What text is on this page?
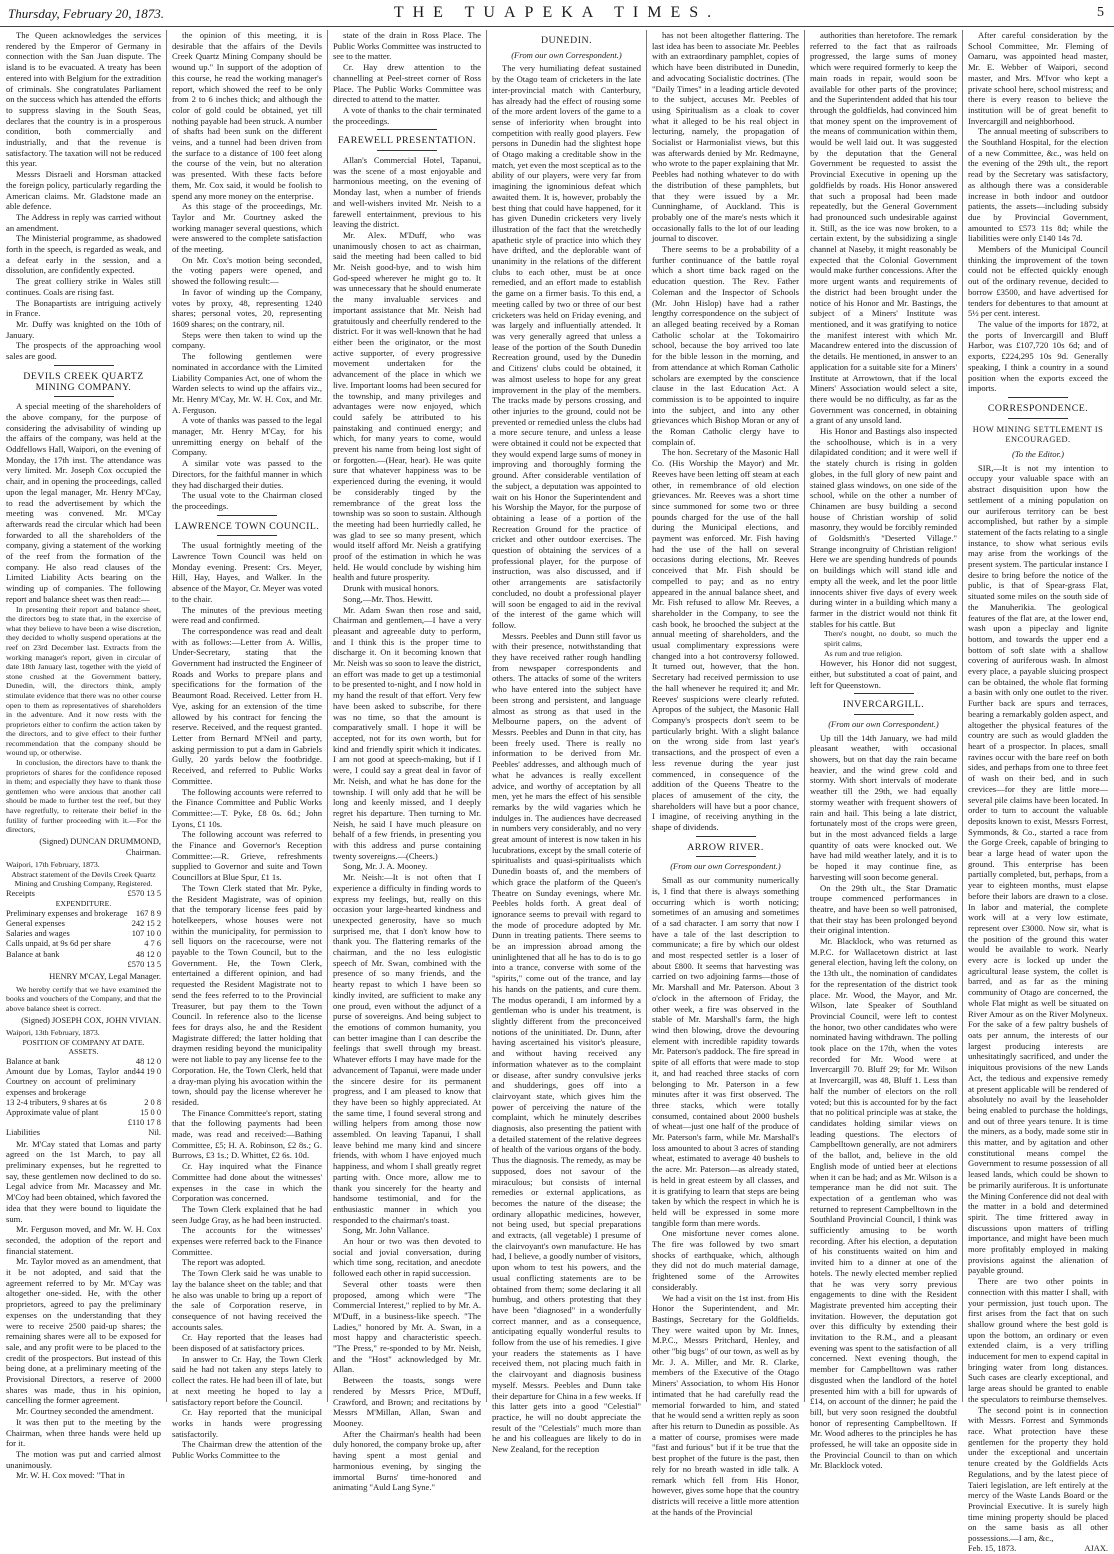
Thursday, February 20, 1873.	THE TUAPEKA TIMES.	5

The Queen acknowledges the services rendered by the Emperor of Germany in connection with the San Juan dispute. The island is to be evacuated. A treaty has been entered into with Belgium for the extradition of criminals. She congratulates Parliament on the success which has attended the efforts to suppress slaving in the South Seas, declares that the country is in a prosperous condition, both commercially and industrially, and that the revenue is satisfactory. The taxation will not be reduced this year.

Messrs Disraeli and Horsman attacked the foreign policy, particularly regarding the American claims. Mr. Gladstone made an able defence.

The Address in reply was carried without an amendment.

The Ministerial programme, as shadowed forth in the speech, is regarded as weak, and a defeat early in the session, and a dissolution, are confidently expected.

The great colliery strike in Wales still continues. Coals are rising fast.

The Bonapartists are intriguing actively in France.

Mr. Duffy was knighted on the 10th of January.

The prospects of the approaching wool sales are good.

DEVILS CREEK QUARTZ MINING COMPANY.

A special meeting of the shareholders of the above company, for the purpose of considering the advisability of winding up the affairs of the company, was held at the Oddfellows Hall, Waipori, on the evening of Monday, the 17th inst. The attendance was very limited. Mr. Joseph Cox occupied the chair, and in opening the proceedings, called upon the legal manager, Mr. Henry M'Cay, to read the advertisement by which the meeting was convened. Mr. M'Cay afterwards read the circular which had been forwarded to all the shareholders of the company, giving a statement of the working of the reef from the formation of the company. He also read clauses of the Limited Liability Acts bearing on the winding up of companies. The following report and balance sheet was then read:—

In presenting their report and balance sheet, the directors beg to state that, in the exercise of what they believe to have been a wise discretion, they decided to wholly suspend operations at the reef on 23rd December last. Extracts from the working manager's report, given in circular of date 18th January last, together with the yield of stone crushed at the Government battery, Dunedin, will, the directors think, amply stimulate evidence that there was no other course open to them as representatives of shareholders in the adventure. And it now rests with the proprietors either to confirm the action taken by the directors, and to give effect to their further recommendation that the company should be wound up, or otherwise.

In conclusion, the directors have to thank the proprietors of shares for the confidence reposed in them; and especially they have to thank those gentlemen who were anxious that another call should be made to further test the reef, but they have regretfully, to reiterate their belief in the futility of further proceeding with it.—For the directors,

(Signed) DUNCAN DRUMMOND, Chairman.
Waipori, 17th February, 1873.
Abstract statement of the Devils Creek Quartz Mining and Crushing Company, Registered.
Receipts	£570 13 5
EXPENDITURE.
Preliminary expenses and brokerage 167 8 9
General expenses	242 15 2
Salaries and wages	107 10 0
Calls unpaid, at 9s 6d per share	4 7 6
Balance at bank	48 12 0
£570 13 5
HENRY M'CAY, Legal Manager.

We hereby certify that we have examined the books and vouchers of the Company, and that the above balance sheet is correct.

(Signed) JOSEPH COX, JOHN VIVIAN.
Waipori, 13th February, 1873.
POSITION OF COMPANY AT DATE.
ASSETS.
Balance at bank	48 12 0
Amount due by Lomas, Taylor and Courtney on account of preliminary expenses and brokerage
44 19 0
13 2-4 tributers, 9 shares at 6s	2 0 8
Approximate value of plant	15 0 0
£110 17 8
Liabilities	Nil.

Mr. M'Cay stated that Lomas and party agreed on the 1st March, to pay all preliminary expenses, but he regretted to say, these gentlemen now declined to do so. Legal advice from Mr. Macassey and Mr. M'Coy had been obtained, which favored the idea that they were bound to liquidate the sum.

Mr. Ferguson moved, and Mr. W. H. Cox seconded, the adoption of the report and financial statement.

Mr. Taylor moved as an amendment, that it be not adopted, and said that the agreement referred to by Mr. M'Cay was altogether one-sided. He, with the other proprietors, agreed to pay the preliminary expenses on the understanding that they were to receive 2500 paid-up shares; the remaining shares were all to be exposed for sale, and any profit were to be placed to the credit of the prospectors. But instead of this being done, at a preliminary meeting of the Provisional Directors, a reserve of 2000 shares was made, thus in his opinion, cancelling the former agreement.

Mr. Courtney seconded the amendment.

It was then put to the meeting by the Chairman, when three hands were held up for it.

The motion was put and carried almost unanimously.

Mr. W. H. Cox moved: "That in

the opinion of this meeting, it is desirable that the affairs of the Devils Creek Quartz Mining Company should be wound up." In support of the adoption of this course, he read the working manager's report, which showed the reef to be only from 2 to 6 inches thick; and although the color of gold could be obtained, yet till nothing payable had been struck. A number of shafts had been sunk on the different veins, and a tunnel had been driven from the surface to a distance of 100 feet along the course of the vein, but no alteration was presented. With these facts before them, Mr. Cox said, it would be foolish to spend any more money on the enterprise.

As this stage of the proceedings, Mr. Taylor and Mr. Courtney asked the working manager several questions, which were answered to the complete satisfaction of the meeting.

On Mr. Cox's motion being seconded, the voting papers were opened, and showed the following result:—

In favor of winding up the Company, votes by proxy, 48, representing 1240 shares; personal votes, 20, representing 1609 shares; on the contrary, nil.

Steps were then taken to wind up the company.

The following gentlemen were nominated in accordance with the Limited Liability Companies Act, one of whom the Warden selects to wind up the affairs viz., Mr. Henry M'Cay, Mr. W. H. Cox, and Mr. A. Ferguson.

A vote of thanks was passed to the legal manager, Mr. Henry M'Cay, for his unremitting energy on behalf of the Company.

A similar vote was passed to the Directors, for the faithful manner in which they had discharged their duties.

The usual vote to the Chairman closed the proceedings.

LAWRENCE TOWN COUNCIL.

The usual fortnightly meeting of the Lawrence Town Council was held on Monday evening. Present: Crs. Meyer, Hill, Hay, Hayes, and Walker. In the absence of the Mayor, Cr. Meyer was voted to the chair.

The minutes of the previous meeting were read and confirmed.

The correspondence was read and dealt with as follows:—Letter from A. Willis, Under-Secretary, stating that the Government had instructed the Engineer of Roads and Works to prepare plans and specifications for the formation of the Beaumont Road. Received. Letter from H. Vye, asking for an extension of the time allowed by his contract for fencing the reserve. Received, and the request granted. Letter from Bernard M'Neil and party, asking permission to put a dam in Gabriels Gully, 20 yards below the footbridge. Received, and referred to Public Works Committee.

The following accounts were referred to the Finance Committee and Public Works Committee:—T. Pyke, £8 0s. 6d.; John Lyons, £1 10s.

The following account was referred to the Finance and Governor's Reception Committee:—R. Grieve, refreshments supplied to Governor and suite and Town Councillors at Blue Spur, £1 1s.

The Town Clerk stated that Mr. Pyke, the Resident Magistrate, was of opinion that the temporary license fees paid by hotelkeepers, whose houses were not within the municipality, for permission to sell liquors on the racecourse, were not payable to the Town Council, but to the Government. He, the Town Clerk, entertained a different opinion, and had requested the Resident Magistrate not to send the fees referred to to the Provincial Treasurer, but pay them to the Town Council. In reference also to the license fees for drays also, he and the Resident Magistrate differed; the latter holding that draymen residing beyond the municipality were not liable to pay any license fee to the Corporation. He, the Town Clerk, held that a dray-man plying his avocation within the town, should pay the license wherever he resided.

The Finance Committee's report, stating that the following payments had been made, was read and received:—Bathing Committee, £5; H. A. Robinson, £2 8s.; G. Burrows, £3 1s.; D. Whittet, £2 6s. 10d.

Cr. Hay inquired what the Finance Committee had done about the witnesses' expenses in the case in which the Corporation was concerned.

The Town Clerk explained that he had seen Judge Gray, as he had been instructed.

The accounts for the witnesses' expenses were referred back to the Finance Committee.

The report was adopted.

The Town Clerk said he was unable to lay the balance sheet on the table; and that he also was unable to bring up a report of the sale of Corporation reserve, in consequence of not having received the accounts sales.

Cr. Hay reported that the leases had been disposed of at satisfactory prices.

In answer to Cr. Hay, the Town Clerk said he had not taken any steps lately to collect the rates. He had been ill of late, but at next meeting he hoped to lay a satisfactory report before the Council.

Cr. Hay reported that the municipal works in hands were progressing satisfactorily.

The Chairman drew the attention of the Public Works Committee to the

state of the drain in Ross Place. The Public Works Committee was instructed to see to the matter.

Cr. Hay drew attention to the channelling at Peel-street corner of Ross Place. The Public Works Committee was directed to attend to the matter.

A vote of thanks to the chair terminated the proceedings.

FAREWELL PRESENTATION.

Allan's Commercial Hotel, Tapanui, was the scene of a most enjoyable and harmonious meeting, on the evening of Monday last, when a number of friends and well-wishers invited Mr. Neish to a farewell entertainment, previous to his leaving the district.

Mr. Alex. M'Duff, who was unanimously chosen to act as chairman, said the meeting had been called to bid Mr. Neish good-bye, and to wish him God-speed wherever he might go to. It was unnecessary that he should enumerate the many invaluable services and important assistance that Mr. Neish had gratuitously and cheerfully rendered to the district. For it was well-known that he had either been the originator, or the most active supporter, of every progressive movement undertaken for the advancement of the place in which we live. Important looms had been secured for the township, and many privileges and advantages were now enjoyed, which could safely be attributed to his painstaking and continued energy; and which, for many years to come, would prevent his name from being lost sight of or forgotten.—(Hear, hear). He was quite sure that whatever happiness was to be experienced during the evening, it would be considerably tinged by the remembrance of the great loss the township was so soon to sustain. Although the meeting had been hurriedly called, he was glad to see so many present, which would itself afford Mr. Neish a gratifying proof of the estimation in which he was held. He would conclude by wishing him health and future prosperity.

Drunk with musical honors.

Song,—Mr. Thos. Hewitt.

Mr. Adam Swan then rose and said, Chairman and gentlemen,—I have a very pleasant and agreeable duty to perform, and I think this is the proper time to discharge it. On it becoming known that Mr. Neish was so soon to leave the district, an effort was made to get up a testimonial to be presented to-night, and I now hold in my hand the result of that effort. Very few have been asked to subscribe, for there was no time, so that the amount is comparatively small. I hope it will be accepted, not for its own worth, but for kind and friendly spirit which it indicates. I am not good at speech-making, but if I were, I could say a great deal in favor of Mr. Neish, and what he has done for the township. I will only add that he will be long and keenly missed, and I deeply regret his departure. Then turning to Mr. Neish, he said I have much pleasure on behalf of a few friends, in presenting you with this address and purse containing twenty sovereigns.—(Cheers.)

Song, Mr. J. A. Mooney.

Mr. Neish:—It is not often that I experience a difficulty in finding words to express my feelings, but, really on this occasion your large-hearted kindness and unexpected generosity, have so much surprised me, that I don't know how to thank you. The flattering remarks of the chairman, and the no less eulogistic speech of Mr. Swan, combined with the presence of so many friends, and the hearty repast to which I have been so kindly invited, are sufficient to make any one proud, even without the adjunct of a purse of sovereigns. And being subject to the emotions of common humanity, you can better imagine than I can describe the feelings that swell through my breast. Whatever efforts I may have made for the advancement of Tapanui, were made under the sincere desire for its permanent progress, and I am pleased to know that they have been so highly appreciated. At the same time, I found several strong and willing helpers from among those now assembled. On leaving Tapanui, I shall leave behind me many kind and sincere friends, with whom I have enjoyed much happiness, and whom I shall greatly regret parting with. Once more, allow me to thank you sincerely for the hearty and handsome testimonial, and for the enthusiastic manner in which you responded to the chairman's toast.

Song, Mr. John Vallance.

An hour or two was then devoted to social and jovial conversation, during which time song, recitation, and anecdote followed each other in rapid succession.

Several other toasts were then proposed, among which were "The Commercial Interest," replied to by Mr. A. M'Duff, in a business-like speech. "The Ladies," honored by Mr. A. Swan, in a most happy and characteristic speech. "The Press," re-sponded to by Mr. Neish, and the "Host" acknowledged by Mr. Allan.

Between the toasts, songs were rendered by Messrs Price, M'Duff, Crawford, and Brown; and recitations by Messrs M'Millan, Allan, Swan and Mooney.

After the Chairman's health had been duly honored, the company broke up, after having spent a most genial and harmonious evening, by singing the immortal Burns' time-honored and animating "Auld Lang Syne."

DUNEDIN.
(From our own Correspondent.)

The very humiliating defeat sustained by the Otago team of cricketers in the late inter-provincial match with Canterbury, has already had the effect of rousing some of the more ardent lovers of the game to a sense of inferiority when brought into competition with really good players. Few persons in Dunedin had the slightest hope of Otago making a creditable show in the match, yet even the most sceptical as to the ability of our players, were very far from imagining the ignominious defeat which awaited them. It is, however, probably the best thing that could have happened, for it has given Dunedin cricketers very lively illustration of the fact that the wretchedly apathetic style of practice into which they have drifted, and the deplorable want of unanimity in the relations of the different clubs to each other, must be at once remedied, and an effort made to establish the game on a firmer basis. To this end, a meeting called by two or three of our best cricketers was held on Friday evening, and was largely and influentially attended. It was very generally agreed that unless a lease of the portion of the South Dunedin Recreation ground, used by the Dunedin and Citizens' clubs could be obtained, it was almost useless to hope for any great improvement in the play of the members. The tracks made by persons crossing, and other injuries to the ground, could not be prevented or remedied unless the clubs had a more secure tenure, and unless a lease were obtained it could not be expected that they would expend large sums of money in improving and thoroughly forming the ground. After considerable ventilation of the subject, a deputation was appointed to wait on his Honor the Superintendent and his Worship the Mayor, for the purpose of obtaining a lease of a portion of the Recreation Ground for the practice of cricket and other outdoor exercises. The question of obtaining the services of a professional player, for the purpose of instruction, was also discussed, and if other arrangements are satisfactorily concluded, no doubt a professional player will soon be engaged to aid in the revival of the interest of the game which will follow.

Messrs. Peebles and Dunn still favor us with their presence, notwithstanding that they have received rather rough handling from newspaper correspondents and others. The attacks of some of the writers who have entered into the subject have been strong and persistent, and language almost as strong as that used in the Melbourne papers, on the advent of Messrs. Peebles and Dunn in that city, has been freely used. There is really no information to be derived from Mr. Peebles' addresses, and although much of what he advances is really excellent advice, and worthy of acceptation by all men, yet he mars the effect of his sensible remarks by the wild vagaries which he indulges in. The audiences have decreased in numbers very considerably, and no very great amount of interest is now taken in his lucubrations, except by the small coterie of spiritualists and quasi-spiritualists which Dunedin boasts of, and the members of which grace the platform of the Queen's Theatre on Sunday evenings, where Mr. Peebles holds forth. A great deal of ignorance seems to prevail with regard to the mode of procedure adopted by Mr. Dunn in treating patients. There seems to be an impression abroad among the uninlightened that all he has to do is to go into a trance, converse with some of the "spirits," come out of the trance, and lay his hands on the patients, and cure them. The modus operandi, I am informed by a gentleman who is under his treatment, is slightly different from the preconceived notions of the uninitiated. Dr. Dunn, after having ascertained his visitor's pleasure, and without having received any information whatever as to the complaint or disease, after sundry convulsive jerks and shudderings, goes off into a clairvoyant state, which gives him the power of perceiving the nature of the complaint, which he minutely describes diagnosis, also presenting the patient with a detailed statement of the relative degrees of health of the various organs of the body. Thus the diagnosis. The remedy, as may be supposed, does not savour of the miraculous; but consists of internal remedies or external applications, as becomes the nature of the disease; the ordinary allopathic medicines, however, not being used, but special preparations and extracts, (all vegetable) I presume of the clairvoyant's own manufacture. He has had, I believe, a goodly number of visitors, upon whom to test his powers, and the usual conflicting statements are to be obtained from them; some declaring it all humbug, and others protesting that they have been "diagnosed" in a wonderfully correct manner, and as a consequence, anticipating equally wonderful results to follow from the use of his remedies. I give your readers the statements as I have received them, not placing much faith in the clairvoyant and diagnosis business myself. Messrs. Peebles and Dunn take their departure for China in a few weeks. If this latter gets into a good "Celestial" practice, he will no doubt appreciate the result of the "Celestials" much more than he and his colleagues are likely to do in New Zealand, for the reception

has not been altogether flattering. The last idea has been to associate Mr. Peebles with an extraordinary pamphlet, copies of which have been distributed in Dunedin, and advocating Socialistic doctrines. (The "Daily Times" in a leading article devoted to the subject, accuses Mr. Peebles of using Spiritualism as a cloak to cover what it alleged to be his real object in lecturing, namely, the propagation of Socialist or Harmonialist views, but this was afterwards denied by Mr. Redmayne, who wrote to the paper explaining that Mr. Peebles had nothing whatever to do with the distribution of these pamphlets, but that they were issued by a Mr. Cunninghame, of Auckland. This is probably one of the mare's nests which it occasionally falls to the lot of our leading journal to discover.

There seems to be a probability of a further continuance of the battle royal which a short time back raged on the education question. The Rev. Father Coleman and the Inspector of Schools (Mr. John Hislop) have had a rather lengthy correspondence on the subject of an alleged beating received by a Roman Catholic scholar at the Tokomairiro school, because the boy arrived too late for the bible lesson in the morning, and from attendance at which Roman Catholic scholars are exempted by the conscience clause in the last Education Act. A commission is to be appointed to inquire into the subject, and into any other grievances which Bishop Moran or any of the Roman Catholic clergy have to complain of.

The hon. Secretary of the Masonic Hall Co. (His Worship the Mayor) and Mr. Reeves have been letting off steam at each other, in remembrance of old election grievances. Mr. Reeves was a short time since summoned for some two or three pounds charged for the use of the hall during the Municipal elections, and payment was enforced. Mr. Fish having had the use of the hall on several occasions during elections, Mr. Reeves conceived that Mr. Fish should be compelled to pay; and as no entry appeared in the annual balance sheet, and Mr. Fish refused to allow Mr. Reeves, a shareholder in the Company, to see the cash book, he brooched the subject at the annual meeting of shareholders, and the usual complimentary expressions were changed into a hot controversy followed. It turned out, however, that the hon. Secretary had received permission to use the hall whenever he required it; and Mr. Reeves' suspicions were clearly refuted. Apropos of the subject, the Masonic Hall Company's prospects don't seem to be particularly bright. With a slight balance on the wrong side from last year's transactions, and the prospect of even a less revenue during the year just commenced, in consequence of the addition of the Queens Theatre to the places of amusement of the city, the shareholders will have but a poor chance, I imagine, of receiving anything in the shape of dividends.

ARROW RIVER.
(From our own Correspondent.)

Small as our community numerically is, I find that there is always something occurring which is worth noticing; sometimes of an amusing and sometimes of a sad character. I am sorry that now I have a tale of the last description to communicate; a fire by which our oldest and most respected settler is a loser of about £800. It seems that harvesting was carried on two adjoining farms—those of Mr. Marshall and Mr. Paterson. About 3 o'clock in the afternoon of Friday, the other week, a fire was observed in the stable of Mr. Marshall's farm, the high wind then blowing, drove the devouring element with incredible rapidity towards Mr. Paterson's paddock. The fire spread in spite of all efforts that were made to stop it, and had reached three stacks of corn belonging to Mr. Paterson in a few minutes after it was first observed. The three stacks, which were totally consumed, contained about 2000 bushels of wheat—just one half of the produce of Mr. Paterson's farm, while Mr. Marshall's loss amounted to about 3 acres of standing wheat, estimated to average 40 bushels to the acre. Mr. Paterson—as already stated, is held in great esteem by all classes, and it is gratifying to learn that steps are being taken by which the respect in which he is held will be expressed in some more tangible form than mere words.

One misfortune never comes alone. The fire was followed by two smart shocks of earthquake, which, although they did not do much material damage, frightened some of the Arrowites considerably.

We had a visit on the 1st inst. from His Honor the Superintendent, and Mr. Bastings, Secretary for the Goldfields. They were waited upon by Mr. Innes, M.P.C., Messrs Pritchard, Henley, and other "big bugs" of our town, as well as by Mr. J. A. Miller, and Mr. R. Clarke, members of the Executive of the Otago Miners' Association, to whom His Honor intimated that he had carefully read the memorial forwarded to him, and stated that he would send a written reply as soon after his return to Dunedin as possible. As a matter of course, promises were made "fast and furious" but if it be true that the best prophet of the future is the past, then rely for no breath wasted in idle talk. A remark which fell from His Honor, however, gives some hope that the country districts will receive a little more attention at the hands of the Provincial

authorities than heretofore. The remark referred to the fact that as railroads progressed, the large sums of money which were required formerly to keep the main roads in repair, would soon be available for other parts of the province; and the Superintendent added that his tour through the goldfields, had convinced him that money spent on the improvement of the means of communication within them, would be well laid out. It was suggested by the deputation that the General Government be requested to assist the Provincial Executive in opening up the goldfields by roads. His Honor answered that such a proposal had been made repeatedly, but the General Government had pronounced such undesirable against it. Still, as the ice was now broken, to a certain extent, by the subsidizing a single channel at Naseby, it might reasonably be expected that the Colonial Government would make further concessions. After the more urgent wants and requirements of the district had been brought under the notice of his Honor and Mr. Bastings, the subject of a Miners' Institute was mentioned, and it was gratifying to notice the manifest interest with which Mr. Macandrew entered into the discussion of the details. He mentioned, in answer to an application for a suitable site for a Miners' Institute at Arrowtown, that if the local Miners' Association would select a site, there would be no difficulty, as far as the Government was concerned, in obtaining a grant of any unsold land.

His Honor and Bastings also inspected the schoolhouse, which is in a very dilapidated condition; and it were well if the stately church is rising in golden globes, in the full glory of new paint and stained glass windows, on one side of the school, while on the other a number of Chinamen are busy building a second house of Christian worship of solid masonry, they would be forcibly reminded of Goldsmith's "Deserted Village." Strange incongruity of Christian religion! Here we are spending hundreds of pounds on buildings which will stand idle and empty all the week, and let the poor little innocents shiver five days of every week during winter in a building which many a farmer in the district would not think fit stables for his cattle. But

There's nought, no doubt, so much the spirit calms,
As rum and true religion.

However, his Honor did not suggest, either, but substituted a coat of paint, and left for Queenstown.

INVERCARGILL.
(From our own Correspondent.)

Up till the 14th January, we had mild pleasant weather, with occasional showers, but on that day the rain became heavier, and the wind grew cold and stormy. With short intervals of moderate weather till the 29th, we had equally stormy weather with frequent showers of rain and hail. This being a late district, fortunately most of the crops were green, but in the most advanced fields a large quantity of oats were knocked out. We have had mild weather lately, and it is to be hoped it may continue fine, as harvesting will soon become general.

On the 29th ult., the Star Dramatic troupe commenced performances in theatre, and have been so well patronised, that their stay has been prolonged beyond their original intention.

Mr. Blacklock, who was returned as M.P.C. for Wallacetown district at last general election, having left the colony, on the 13th ult., the nomination of candidates for the representation of the district took place. Mr. Wood, the Mayor, and Mr. Wilson, late Speaker of Southland Provincial Council, were left to contest the honor, two other candidates who were nominated having withdrawn. The polling took place on the 17th, when the votes recorded for Mr. Wood were at Invercargill 70. Bluff 29; for Mr. Wilson at Invercargill, was 48, Bluff 1. Less than half the number of electors on the roll voted; but this is accounted for by the fact that no political principle was at stake, the candidates holding similar views on leading questions. The electors of Campbelltown generally, are not admirers of the ballot, and, believe in the old English mode of untied beer at elections when it can be had; and as Mr. Wilson is a temperance man he did not suit. The expectation of a gentleman who was returned to represent Campbelltown in the Southland Provincial Council, I think was sufficiently amusing to be worth recording. After his election, a deputation of his constituents waited on him and invited him to a dinner at one of the hotels. The newly elected member replied that he was very sorry previous engagements to dine with the Resident Magistrate prevented him accepting their invitation. However, the deputation got over this difficulty by extending their invitation to the R.M., and a pleasant evening was spent to the satisfaction of all concerned. Next evening though, the member for Campbelltown was rather disgusted when the landlord of the hotel presented him with a bill for upwards of £14, on account of the dinner; he paid the bill, but very soon resigned the doubtful honor of representing Campbelltown. If Mr. Wood adheres to the principles he has professed, he will take an opposite side in the Provincial Council to than on which Mr. Blacklock voted.

After careful consideration by the School Committee, Mr. Fleming of Oamaru, was appointed head master, Mr. E. Webber of Waipori, second master, and Mrs. M'Ivor who kept a private school here, school mistress; and there is every reason to believe the institution will be of great benefit to Invercargill and neighborhood.

The annual meeting of subscribers to the Southland Hospital, for the election of a new Committee, &c., was held on the evening of the 29th ult., the report read by the Secretary was satisfactory, as although there was a considerable increase in both indoor and outdoor patients, the assets—including subsidy due by Provincial Government, amounted to £573 11s 8d; while the liabilities were only £140 14s 7d.

Members of the Municipal Council thinking the improvement of the town could not be effected quickly enough out of the ordinary revenue, decided to borrow £3500, and have advertised for tenders for debentures to that amount at 5½ per cent. interest.

The value of the imports for 1872, at the ports of Invercargill and Bluff Harbor, was £107,720 10s 6d; and of exports, £224,295 10s 9d. Generally speaking, I think a country in a sound position when the exports exceed the imports.

CORRESPONDENCE.
HOW MINING SETTLEMENT IS ENCOURAGED.
(To the Editor.)

SIR,—It is not my intention to occupy your valuable space with an abstract disquisition upon how the settlement of a mining population on our auriferous territory can be best accomplished, but rather by a simple statement of the facts relating to a single instance, to show what serious evils may arise from the workings of the present system. The particular instance I desire to bring before the notice of the public, is that of Spear-grass Flat, situated some miles on the south side of the Manuherikia. The geological features of the flat are, at the lower end, wash upon a pipeclay and lignite bottom, and towards the upper end a bottom of soft slate with a shallow covering of auriferous wash. In almost every place, a payable sluicing prospect can be obtained, the whole flat forming a basin with only one outlet to the river. Further back are spurs and terraces, bearing a remarkably golden aspect, and altogether the physical features of the country are such as would gladden the heart of a prospector. In places, small ravines occur with the bare reef on both sides, and perhaps from one to three feet of wash on their bed, and in such crevices—for they are little more—several pile claims have been located. In order to turn to account the valuable deposits known to exist, Messrs Forrest, Symmonds, & Co., started a race from the Gorge Creek, capable of bringing to bear a large head of water upon the ground. This enterprise has been partially completed, but, perhaps, from a year to eighteen months, must elapse before their labors are drawn to a close. In labor and material, the complete work will at a very low estimate, represent over £3000. Now sir, what is the position of the ground this water would be available to work. Nearly every acre is locked up under the agricultural lease system, the collet is barred, and as far as the mining community of Otago are concerned, the whole Flat might as well be situated on River Amour as on the River Molyneux. For the sake of a few paltry bushels of oats per annum, the interests of our largest producing interests are unhesitatingly sacrificed, and under the iniquitous provisions of the new Lands Act, the tedious and expensive remedy at present applicable will be rendered of absolutely no avail by the leaseholder being enabled to purchase the holdings, and out of three years tenure. It is time the miners, as a body, made some stir in this matter, and by agitation and other constitutional means compel the Government to resume possession of all leased lands, which could be shown to be primarily auriferous. It is unfortunate the Mining Conference did not deal with the matter in a bold and determined spirit. The time frittered away in discussions upon matters of trifling importance, and might have been much more profitably employed in making provisions against the alienation of payable ground.

There are two other points in connection with this matter I shall, with your permission, just touch upon. The first arises from the fact that on such shallow ground where the best gold is upon the bottom, an ordinary or even extended claim, is a very trifling inducement for men to expend capital in bringing water from long distances. Such cases are clearly exceptional, and large areas should be granted to enable the speculators to reimburse themselves.

The second point is in connection with Messrs. Forrest and Symmonds race. What protection have these gentlemen for the property they hold under the exceptional and uncertain tenure created by the Goldfields Acts Regulations, and by the latest piece of Taieri legislation, are left entirely at the mercy of the Waste Lands Board or the Provincial Executive. It is surely high time mining property should be placed on the same basis as all other possessions.—I am, &c.,

Feb. 15, 1873.	AJAX.
